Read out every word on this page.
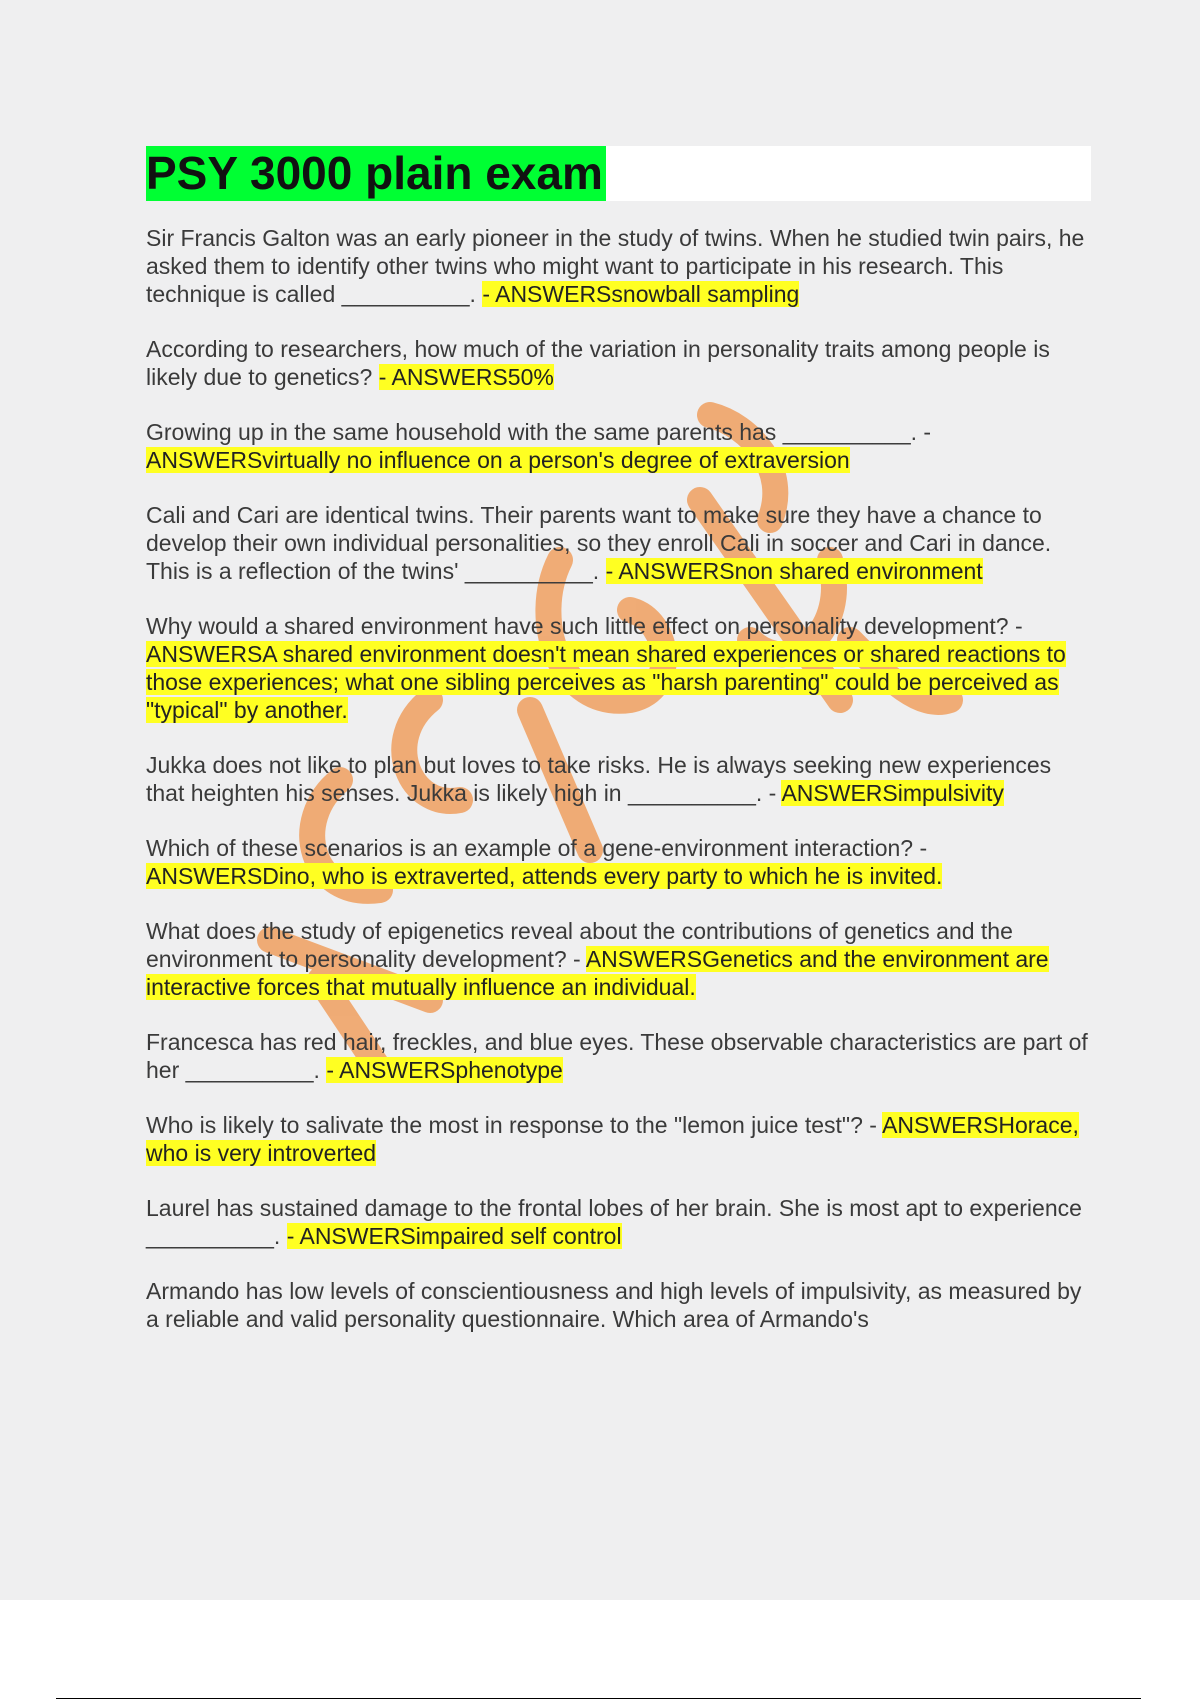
PSY 3000 plain exam

Sir Francis Galton was an early pioneer in the study of twins. When he studied twin pairs, he asked them to identify other twins who might want to participate in his research. This technique is called __________. - ANSWERSsnowball sampling

According to researchers, how much of the variation in personality traits among people is likely due to genetics? - ANSWERS50%

Growing up in the same household with the same parents has __________. - ANSWERSvirtually no influence on a person's degree of extraversion

Cali and Cari are identical twins. Their parents want to make sure they have a chance to develop their own individual personalities, so they enroll Cali in soccer and Cari in dance. This is a reflection of the twins' __________. - ANSWERSnon shared environment

Why would a shared environment have such little effect on personality development? - ANSWERSA shared environment doesn't mean shared experiences or shared reactions to those experiences; what one sibling perceives as "harsh parenting" could be perceived as "typical" by another.

Jukka does not like to plan but loves to take risks. He is always seeking new experiences that heighten his senses. Jukka is likely high in __________. - ANSWERSimpulsivity

Which of these scenarios is an example of a gene-environment interaction? - ANSWERSDino, who is extraverted, attends every party to which he is invited.

What does the study of epigenetics reveal about the contributions of genetics and the environment to personality development? - ANSWERSGenetics and the environment are interactive forces that mutually influence an individual.

Francesca has red hair, freckles, and blue eyes. These observable characteristics are part of her __________. - ANSWERSphenotype

Who is likely to salivate the most in response to the "lemon juice test"? - ANSWERSHorace, who is very introverted

Laurel has sustained damage to the frontal lobes of her brain. She is most apt to experience __________. - ANSWERSimpaired self control

Armando has low levels of conscientiousness and high levels of impulsivity, as measured by a reliable and valid personality questionnaire. Which area of Armando's
